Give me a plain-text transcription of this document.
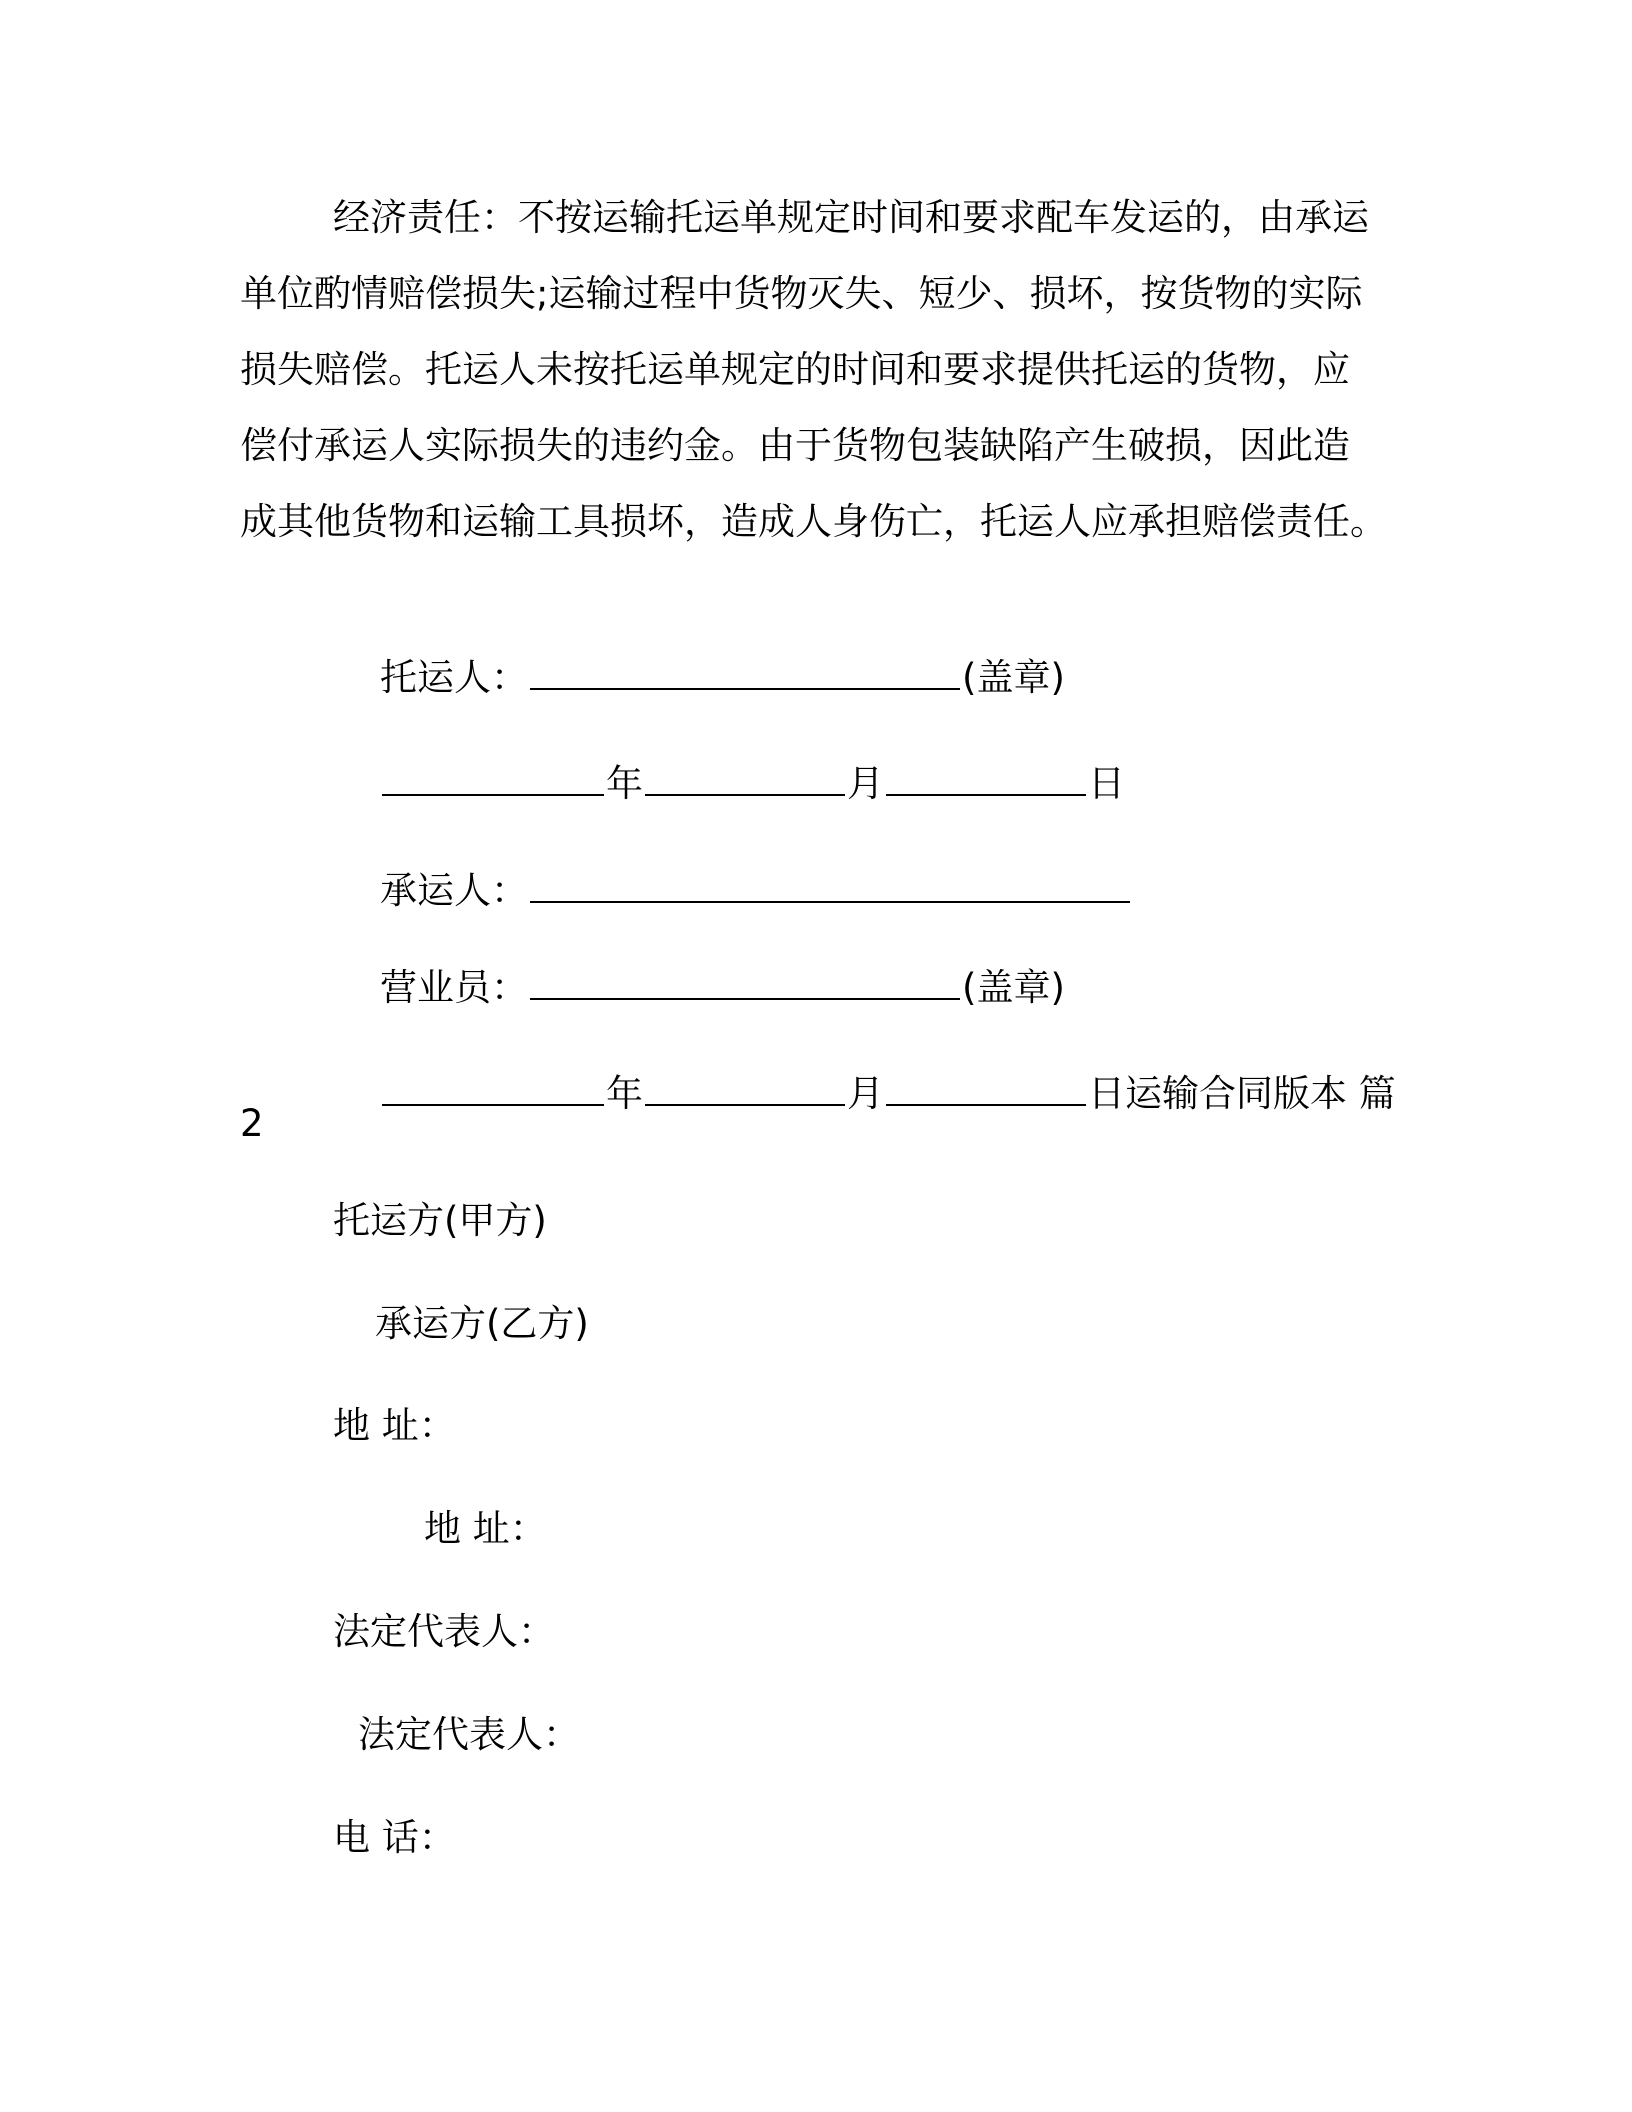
经济责任：不按运输托运单规定时间和要求配车发运的，由承运

单位酌情赔偿损失;运输过程中货物灭失、短少、损坏，按货物的实际

损失赔偿。托运人未按托运单规定的时间和要求提供托运的货物，应

偿付承运人实际损失的违约金。由于货物包装缺陷产生破损，因此造

成其他货物和运输工具损坏，造成人身伤亡，托运人应承担赔偿责任。

托运人：	(盖章)

年	月	日

承运人：

营业员：	(盖章)

年	月	日运输合同版本 篇

2

托运方(甲方)

承运方(乙方)

地 址：

地 址：

法定代表人：

法定代表人：

电 话：
